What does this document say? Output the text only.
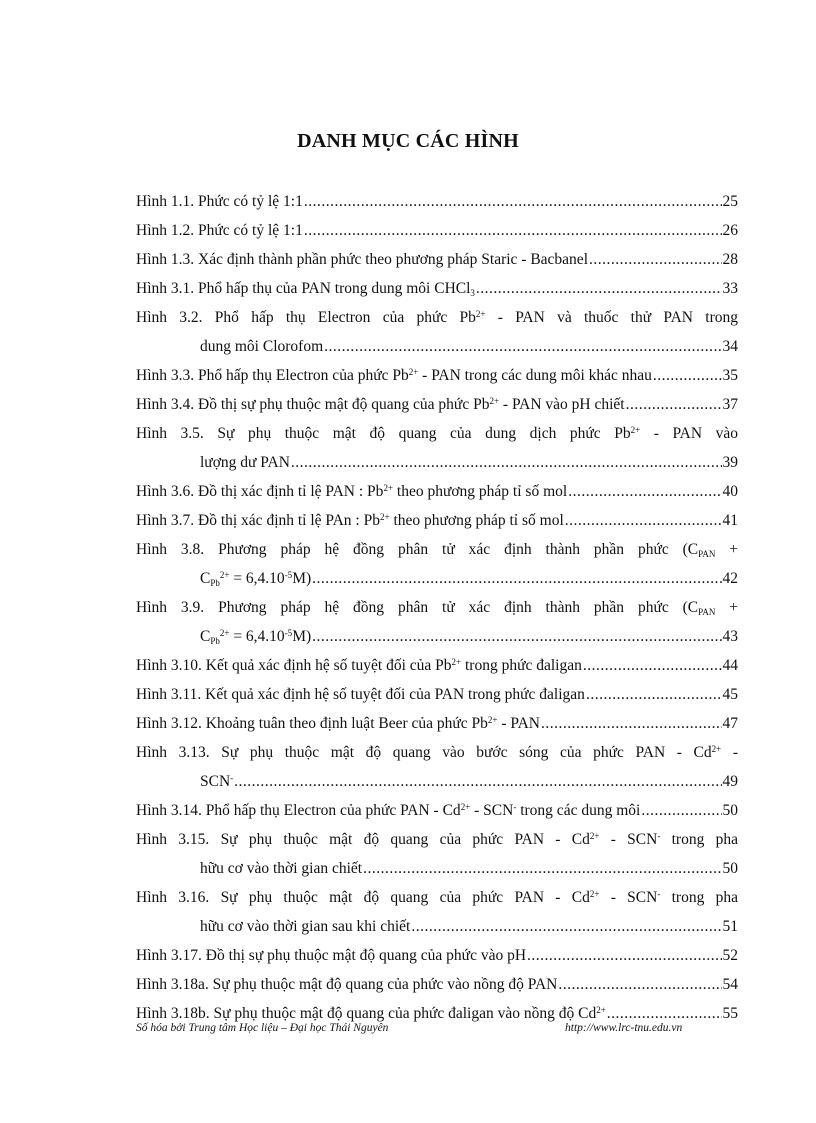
DANH MỤC CÁC HÌNH
Hình 1.1. Phức có tỷ lệ 1:1 .....	25
Hình 1.2. Phức có tỷ lệ 1:1 .....	26
Hình 1.3. Xác định thành phần phức theo phương pháp Staric - Bacbanel .....	28
Hình 3.1. Phổ hấp thụ của PAN trong dung môi CHCl$_3$ .....	33
Hình 3.2. Phổ hấp thụ Electron của phức $Pb^{2+}$ - PAN và thuốc thử PAN trong
dung môi Clorofom .....	34
Hình 3.3. Phổ hấp thụ Electron của phức $Pb^{2+}$ - PAN trong các dung môi khác nhau .....	35
Hình 3.4. Đồ thị sự phụ thuộc mật độ quang của phức $Pb^{2+}$ - PAN vào pH chiết .....	37
Hình 3.5. Sự phụ thuộc mật độ quang của dung dịch phức $Pb^{2+}$ - PAN vào
lượng dư PAN .....	39
Hình 3.6. Đồ thị xác định tỉ lệ PAN : $Pb^{2+}$ theo phương pháp tỉ số mol .....	40
Hình 3.7. Đồ thị xác định tỉ lệ PAn : $Pb^{2+}$ theo phương pháp tỉ số mol .....	41
Hình 3.8. Phương pháp hệ đồng phân tử xác định thành phần phức ($C_{PAN}$ +
$C_{Pb}^{2+} = 6,4.10^{-5}M$) .....	42
Hình 3.9. Phương pháp hệ đồng phân tử xác định thành phần phức ($C_{PAN}$ +
$C_{Pb}^{2+} = 6,4.10^{-5}M$) .....	43
Hình 3.10. Kết quả xác định hệ số tuyệt đối của $Pb^{2+}$ trong phức đaligan .....	44
Hình 3.11. Kết quả xác định hệ số tuyệt đối của PAN trong phức đaligan .....	45
Hình 3.12. Khoảng tuân theo định luật Beer của phức $Pb^{2+}$ - PAN .....	47
Hình 3.13. Sự phụ thuộc mật độ quang vào bước sóng của phức PAN - $Cd^{2+}$ -
SCN- .....	49
Hình 3.14. Phổ hấp thụ Electron của phức PAN - $Cd^{2+} - SCN^-$ trong các dung môi .....	50
Hình 3.15. Sự phụ thuộc mật độ quang của phức PAN - $Cd^{2+} - SCN^-$ trong pha
hữu cơ vào thời gian chiết .....	50
Hình 3.16. Sự phụ thuộc mật độ quang của phức PAN - $Cd^{2+} - SCN^-$ trong pha
hữu cơ vào thời gian sau khi chiết .....	51
Hình 3.17. Đồ thị sự phụ thuộc mật độ quang của phức vào pH .....	52
Hình 3.18a. Sự phụ thuộc mật độ quang của phức vào nồng độ PAN .....	54
Hình 3.18b. Sự phụ thuộc mật độ quang của phức đaligan vào nồng độ $Cd^{2+}$ .....	55
Số hóa bởi Trung tâm Học liệu – Đại học Thái Nguyên	http://www.lrc-tnu.edu.vn
